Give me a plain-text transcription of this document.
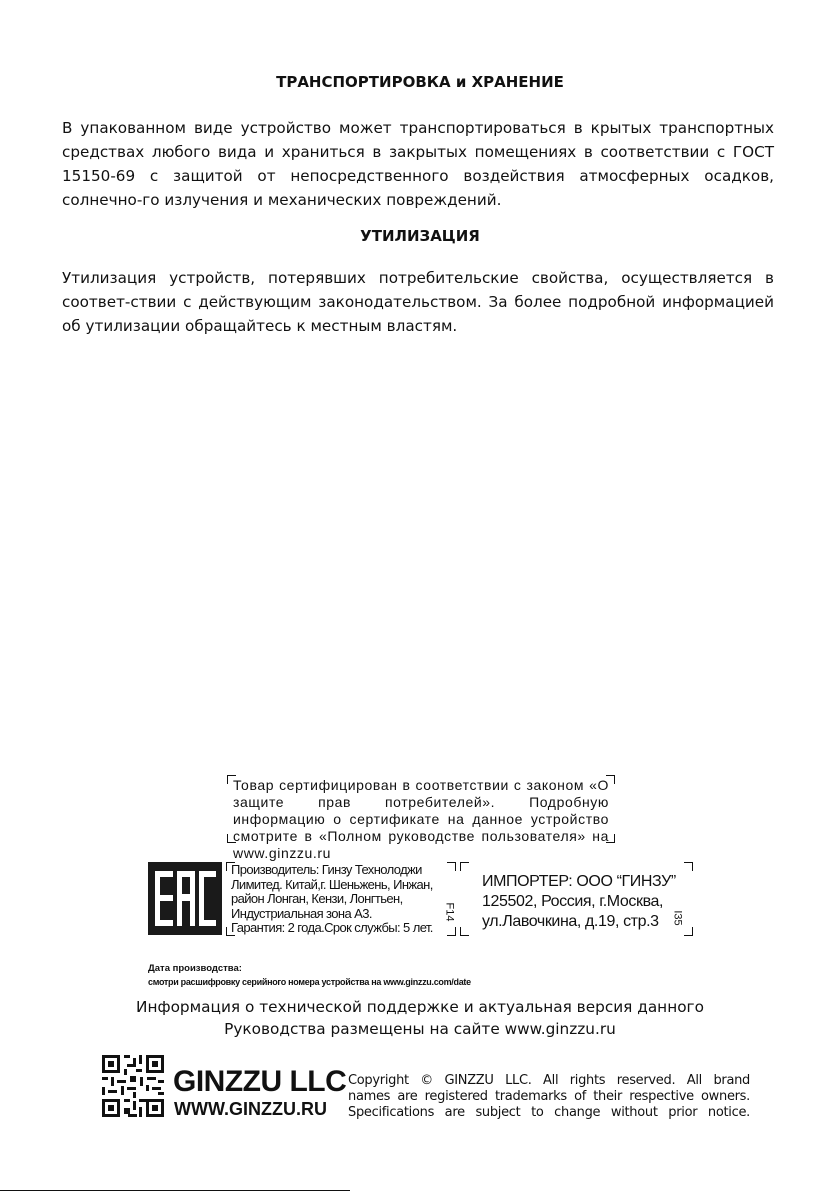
ТРАНСПОРТИРОВКА и ХРАНЕНИЕ
В упакованном виде устройство может транспортироваться в крытых транспортных средствах любого вида и храниться в закрытых помещениях в соответствии с ГОСТ 15150-69 с защитой от непосредственного воздействия атмосферных осадков, солнечно-го излучения и механических повреждений.
УТИЛИЗАЦИЯ
Утилизация устройств, потерявших потребительские свойства, осуществляется в соответ-ствии с действующим законодательством. За более подробной информацией об утилизации обращайтесь к местным властям.
Товар сертифицирован в соответствии с законом «О защите прав потребителей». Подробную информацию о сертификате на данное устройство смотрите в «Полном руководстве пользователя» на www.ginzzu.ru
Производитель: Гинзу Технолоджи
Лимитед. Китай,г. Шеньжень, Инжан,
район Лонган, Кензи, Лонгтьен,
Индустриальная зона А3.
Гарантия: 2 года.Срок службы: 5 лет.
F14
ИМПОРТЕР: ООО “ГИНЗУ”
125502, Россия, г.Москва,
ул.Лавочкина, д.19, стр.3	I35
Дата производства:
смотри расшифровку серийного номера устройства на www.ginzzu.com/date
Информация о технической поддержке и актуальная версия данного
Руководства размещены на сайте www.ginzzu.ru
GINZZU LLC
WWW.GINZZU.RU
Copyright © GINZZU LLC. All rights reserved. All brand
names are registered trademarks of their respective owners.
Specifications are subject to change without prior notice.
